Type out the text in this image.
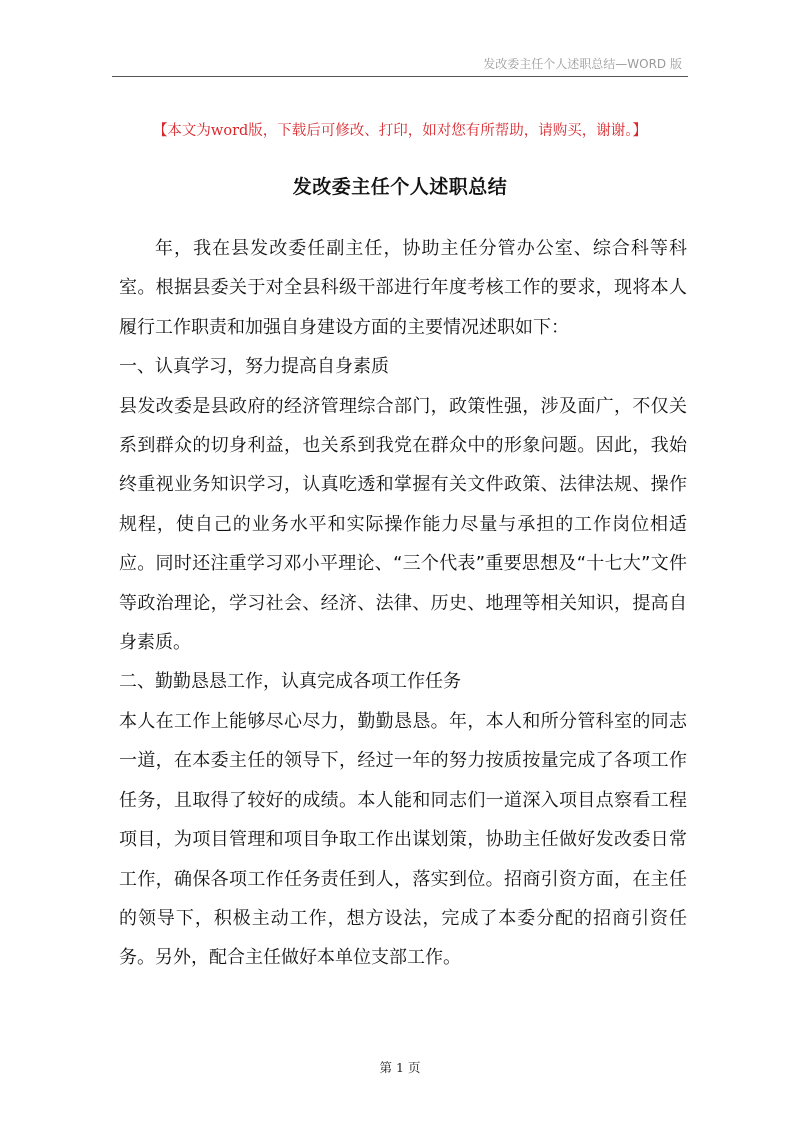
发改委主任个人述职总结—WORD 版
【本文为word版，下载后可修改、打印，如对您有所帮助，请购买，谢谢。】
发改委主任个人述职总结

年，我在县发改委任副主任，协助主任分管办公室、综合科等科室。根据县委关于对全县科级干部进行年度考核工作的要求，现将本人履行工作职责和加强自身建设方面的主要情况述职如下：

一、认真学习，努力提高自身素质

县发改委是县政府的经济管理综合部门，政策性强，涉及面广，不仅关系到群众的切身利益，也关系到我党在群众中的形象问题。因此，我始终重视业务知识学习，认真吃透和掌握有关文件政策、法律法规、操作规程，使自己的业务水平和实际操作能力尽量与承担的工作岗位相适应。同时还注重学习邓小平理论、“三个代表”重要思想及“十七大”文件等政治理论，学习社会、经济、法律、历史、地理等相关知识，提高自身素质。

二、勤勤恳恳工作，认真完成各项工作任务

本人在工作上能够尽心尽力，勤勤恳恳。年，本人和所分管科室的同志一道，在本委主任的领导下，经过一年的努力按质按量完成了各项工作任务，且取得了较好的成绩。本人能和同志们一道深入项目点察看工程项目，为项目管理和项目争取工作出谋划策，协助主任做好发改委日常工作，确保各项工作任务责任到人，落实到位。招商引资方面，在主任的领导下，积极主动工作，想方设法，完成了本委分配的招商引资任务。另外，配合主任做好本单位支部工作。

第 1 页
